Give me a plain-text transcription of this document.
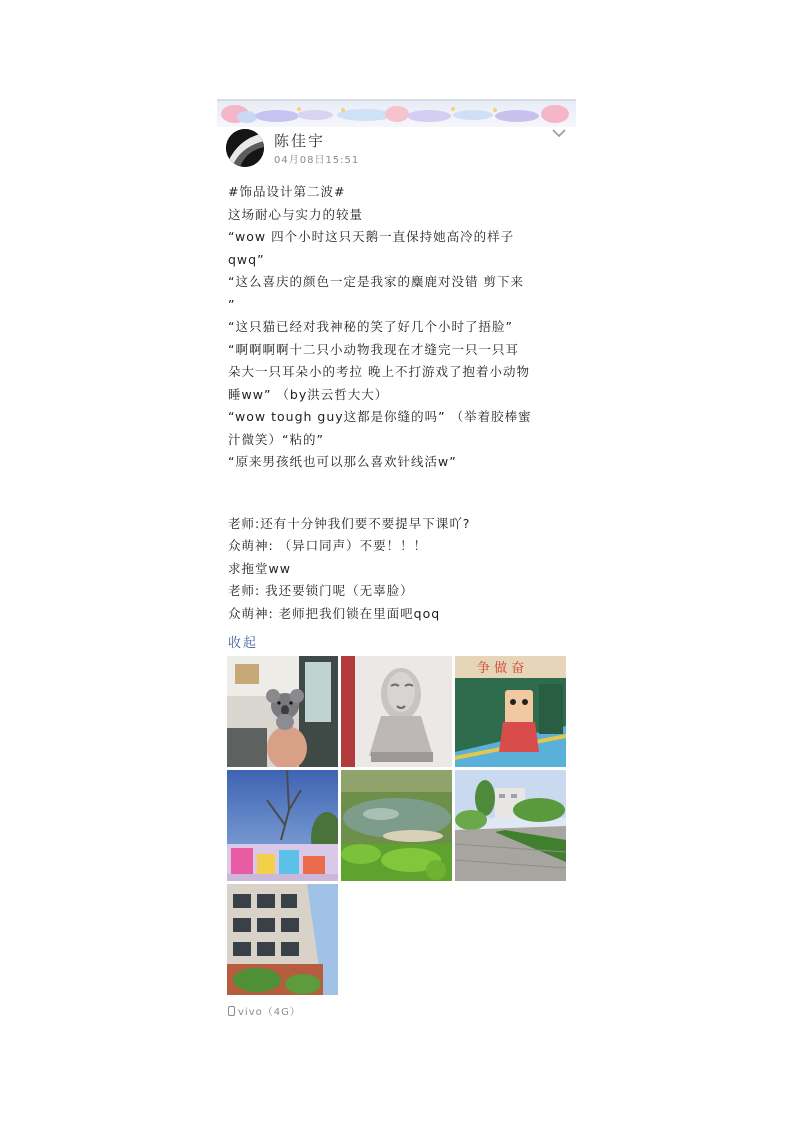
陈佳宇
04月08日15:51
#饰品设计第二波#
这场耐心与实力的较量
“wow 四个小时这只天鹅一直保持她高冷的样子
qwq”
“这么喜庆的颜色一定是我家的麋鹿对没错 剪下来
”
“这只猫已经对我神秘的笑了好几个小时了捂脸”
“啊啊啊啊十二只小动物我现在才缝完一只一只耳
朵大一只耳朵小的考拉 晚上不打游戏了抱着小动物
睡ww” （by洪云哲大大）
“wow tough guy这都是你缝的吗” （举着胶棒蜜
汁微笑）“粘的”
“原来男孩纸也可以那么喜欢针线活w”
老师:还有十分钟我们要不要提早下课吖?
众萌神: （异口同声）不要！！！
求拖堂ww
老师: 我还要锁门呢（无辜脸）
众萌神: 老师把我们锁在里面吧qoq
收起
争 做 奋
vivo（4G）
